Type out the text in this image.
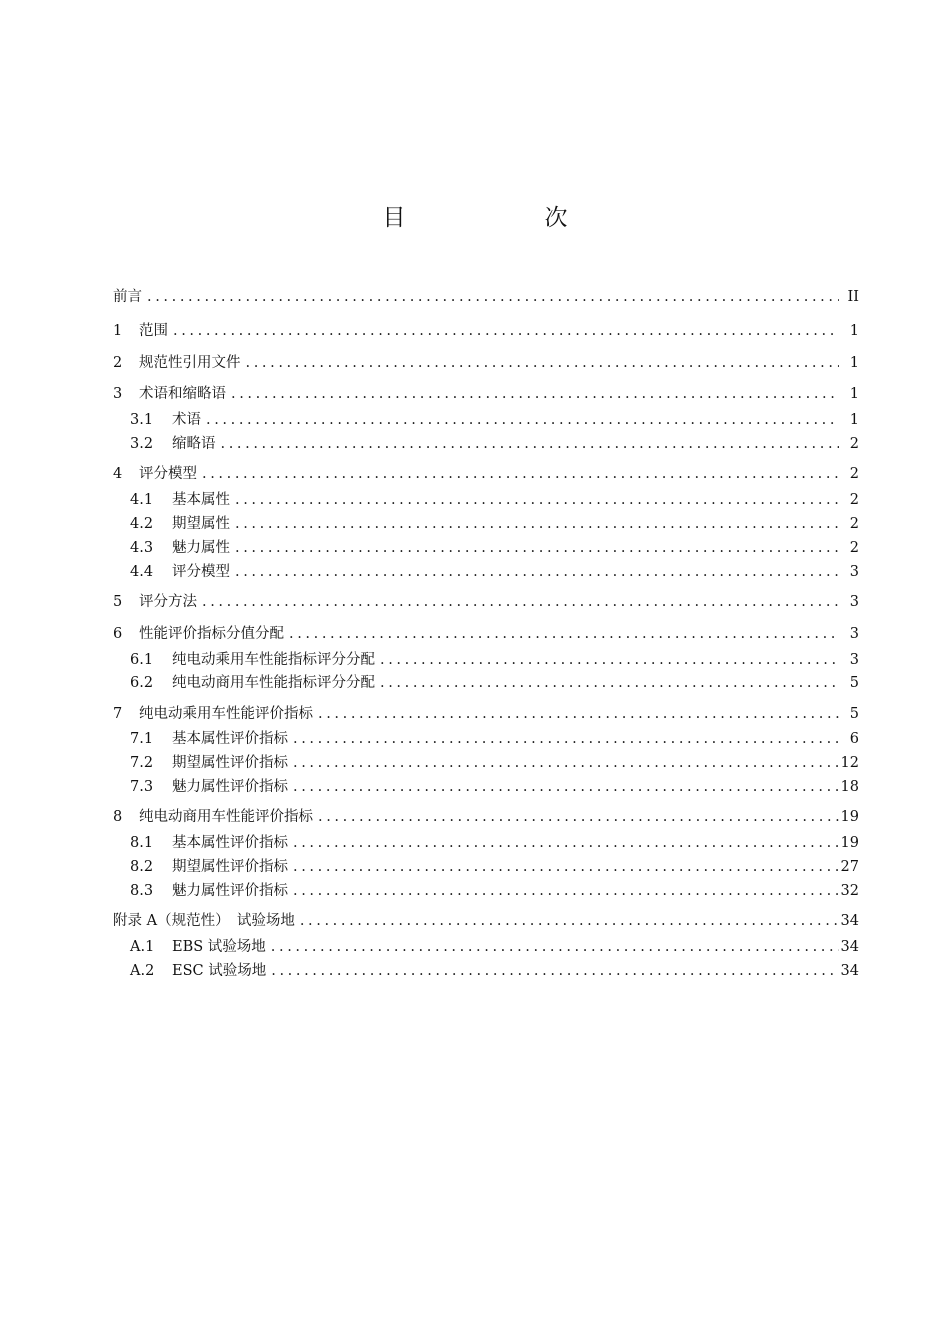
目　次
前言 .....	II
1	范围 .....	1
2	规范性引用文件 .....	1
3	术语和缩略语 .....	1
3.1	术语 .....	1
3.2	缩略语 .....	2
4	评分模型 .....	2
4.1	基本属性 .....	2
4.2	期望属性 .....	2
4.3	魅力属性 .....	2
4.4	评分模型 .....	3
5	评分方法 .....	3
6	性能评价指标分值分配 .....	3
6.1	纯电动乘用车性能指标评分分配 .....	3
6.2	纯电动商用车性能指标评分分配 .....	5
7	纯电动乘用车性能评价指标 .....	5
7.1	基本属性评价指标 .....	6
7.2	期望属性评价指标 .....	12
7.3	魅力属性评价指标 .....	18
8	纯电动商用车性能评价指标 .....	19
8.1	基本属性评价指标 .....	19
8.2	期望属性评价指标 .....	27
8.3	魅力属性评价指标 .....	32
附录 A（规范性）　试验场地 .....	34
A.1	EBS 试验场地 .....	34
A.2	ESC 试验场地 .....	34
